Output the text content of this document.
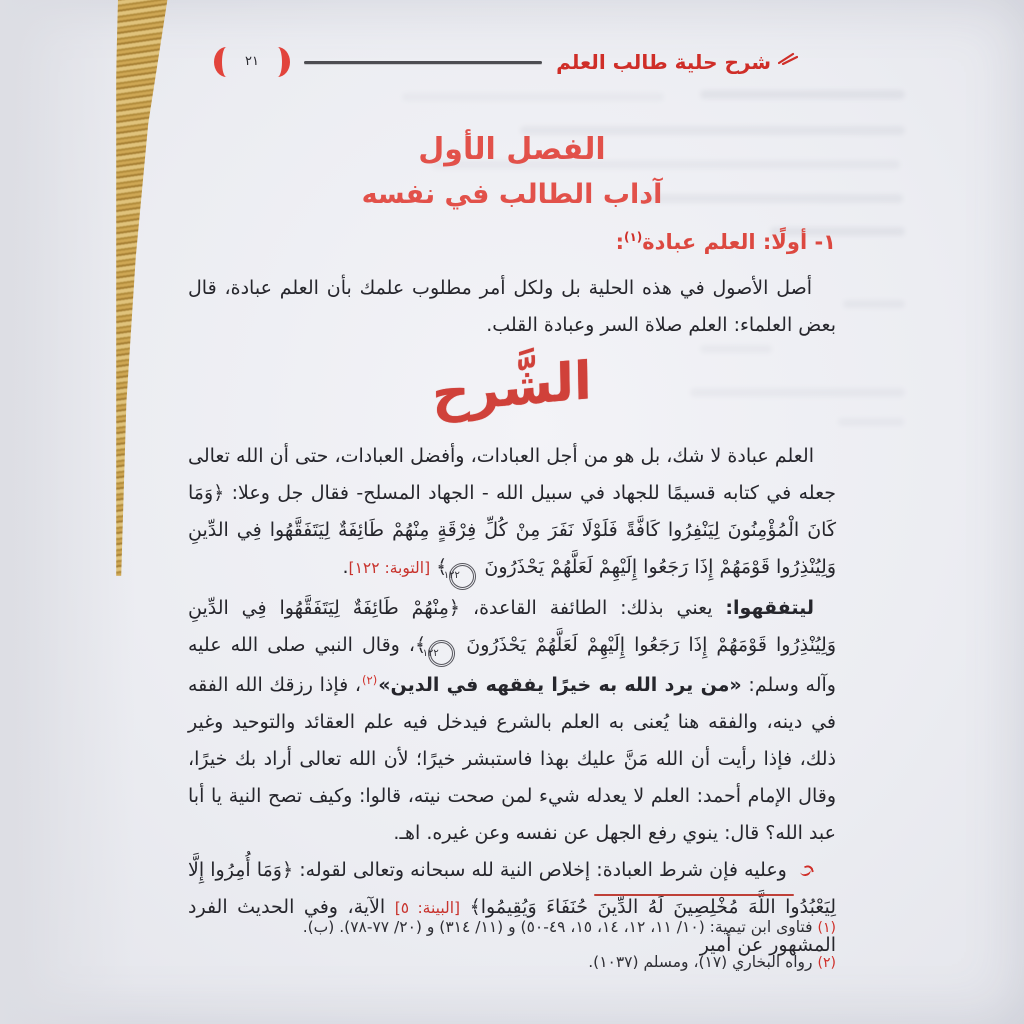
شرح حلية طالب العلم
٢١
الفصل الأول
آداب الطالب في نفسه
١- أولًا: العلم عبادة$^{(١)}$:
أصل الأصول في هذه الحلية بل ولكل أمر مطلوب علمك بأن العلم عبادة، قال بعض العلماء: العلم صلاة السر وعبادة القلب.
الشَّرح

العلم عبادة لا شك، بل هو من أجل العبادات، وأفضل العبادات، حتى أن الله تعالى جعله في كتابه قسيمًا للجهاد في سبيل الله - الجهاد المسلح- فقال جل وعلا: ﴿وَمَا كَانَ الْمُؤْمِنُونَ لِيَنْفِرُوا كَافَّةً فَلَوْلَا نَفَرَ مِنْ كُلِّ فِرْقَةٍ مِنْهُمْ طَائِفَةٌ لِيَتَفَقَّهُوا فِي الدِّينِ وَلِيُنْذِرُوا قَوْمَهُمْ إِذَا رَجَعُوا إِلَيْهِمْ لَعَلَّهُمْ يَحْذَرُونَ ١٢٢﴾ [التوبة: ١٢٢].

ليتفقهوا: يعني بذلك: الطائفة القاعدة، ﴿مِنْهُمْ طَائِفَةٌ لِيَتَفَقَّهُوا فِي الدِّينِ وَلِيُنْذِرُوا قَوْمَهُمْ إِذَا رَجَعُوا إِلَيْهِمْ لَعَلَّهُمْ يَحْذَرُونَ ١٢٢﴾، وقال النبي صلى الله عليه وآله وسلم: «من يرد الله به خيرًا يفقهه في الدين»$^{(٢)}$، فإذا رزقك الله الفقه في دينه، والفقه هنا يُعنى به العلم بالشرع فيدخل فيه علم العقائد والتوحيد وغير ذلك، فإذا رأيت أن الله مَنَّ عليك بهذا فاستبشر خيرًا؛ لأن الله تعالى أراد بك خيرًا، وقال الإمام أحمد: العلم لا يعدله شيء لمن صحت نيته، قالوا: وكيف تصح النية يا أبا عبد الله؟ قال: ينوي رفع الجهل عن نفسه وعن غيره. اهـ.

وعليه فإن شرط العبادة: إخلاص النية لله سبحانه وتعالى لقوله: ﴿وَمَا أُمِرُوا إِلَّا لِيَعْبُدُوا اللَّهَ مُخْلِصِينَ لَهُ الدِّينَ حُنَفَاءَ وَيُقِيمُوا﴾ [البينة: ٥] الآية، وفي الحديث الفرد المشهور عن أمير

(١)فتاوى ابن تيمية: (١٠/ ١١، ١٢، ١٤، ١٥، ٤٩-٥٠) و (١١/ ٣١٤) و (٢٠/ ٧٧-٧٨). (ب).
(٢)رواه البخاري (١٧)، ومسلم (١٠٣٧).
